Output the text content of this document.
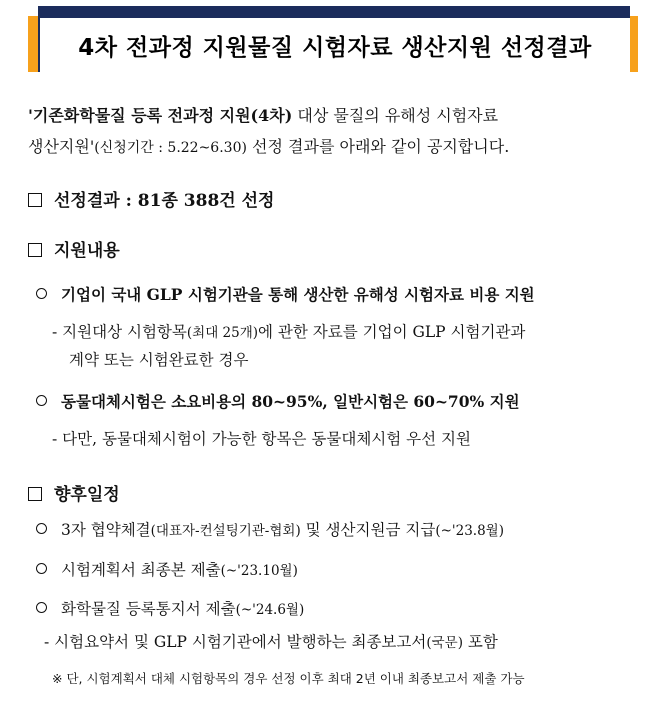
4차 전과정 지원물질 시험자료 생산지원 선정결과
'기존화학물질 등록 전과정 지원(4차) 대상 물질의 유해성 시험자료
생산지원'(신청기간 : 5.22~6.30) 선정 결과를 아래와 같이 공지합니다.
선정결과 : 81종 388건 선정
지원내용
기업이 국내 GLP 시험기관을 통해 생산한 유해성 시험자료 비용 지원
- 지원대상 시험항목(최대 25개)에 관한 자료를 기업이 GLP 시험기관과
계약 또는 시험완료한 경우
동물대체시험은 소요비용의 80~95%, 일반시험은 60~70% 지원
- 다만, 동물대체시험이 가능한 항목은 동물대체시험 우선 지원
향후일정
3자 협약체결(대표자-컨설팅기관-협회) 및 생산지원금 지급(~'23.8월)
시험계획서 최종본 제출(~'23.10월)
화학물질 등록통지서 제출(~'24.6월)
- 시험요약서 및 GLP 시험기관에서 발행하는 최종보고서(국문) 포함
※ 단, 시험계획서 대체 시험항목의 경우 선정 이후 최대 2년 이내 최종보고서 제출 가능
